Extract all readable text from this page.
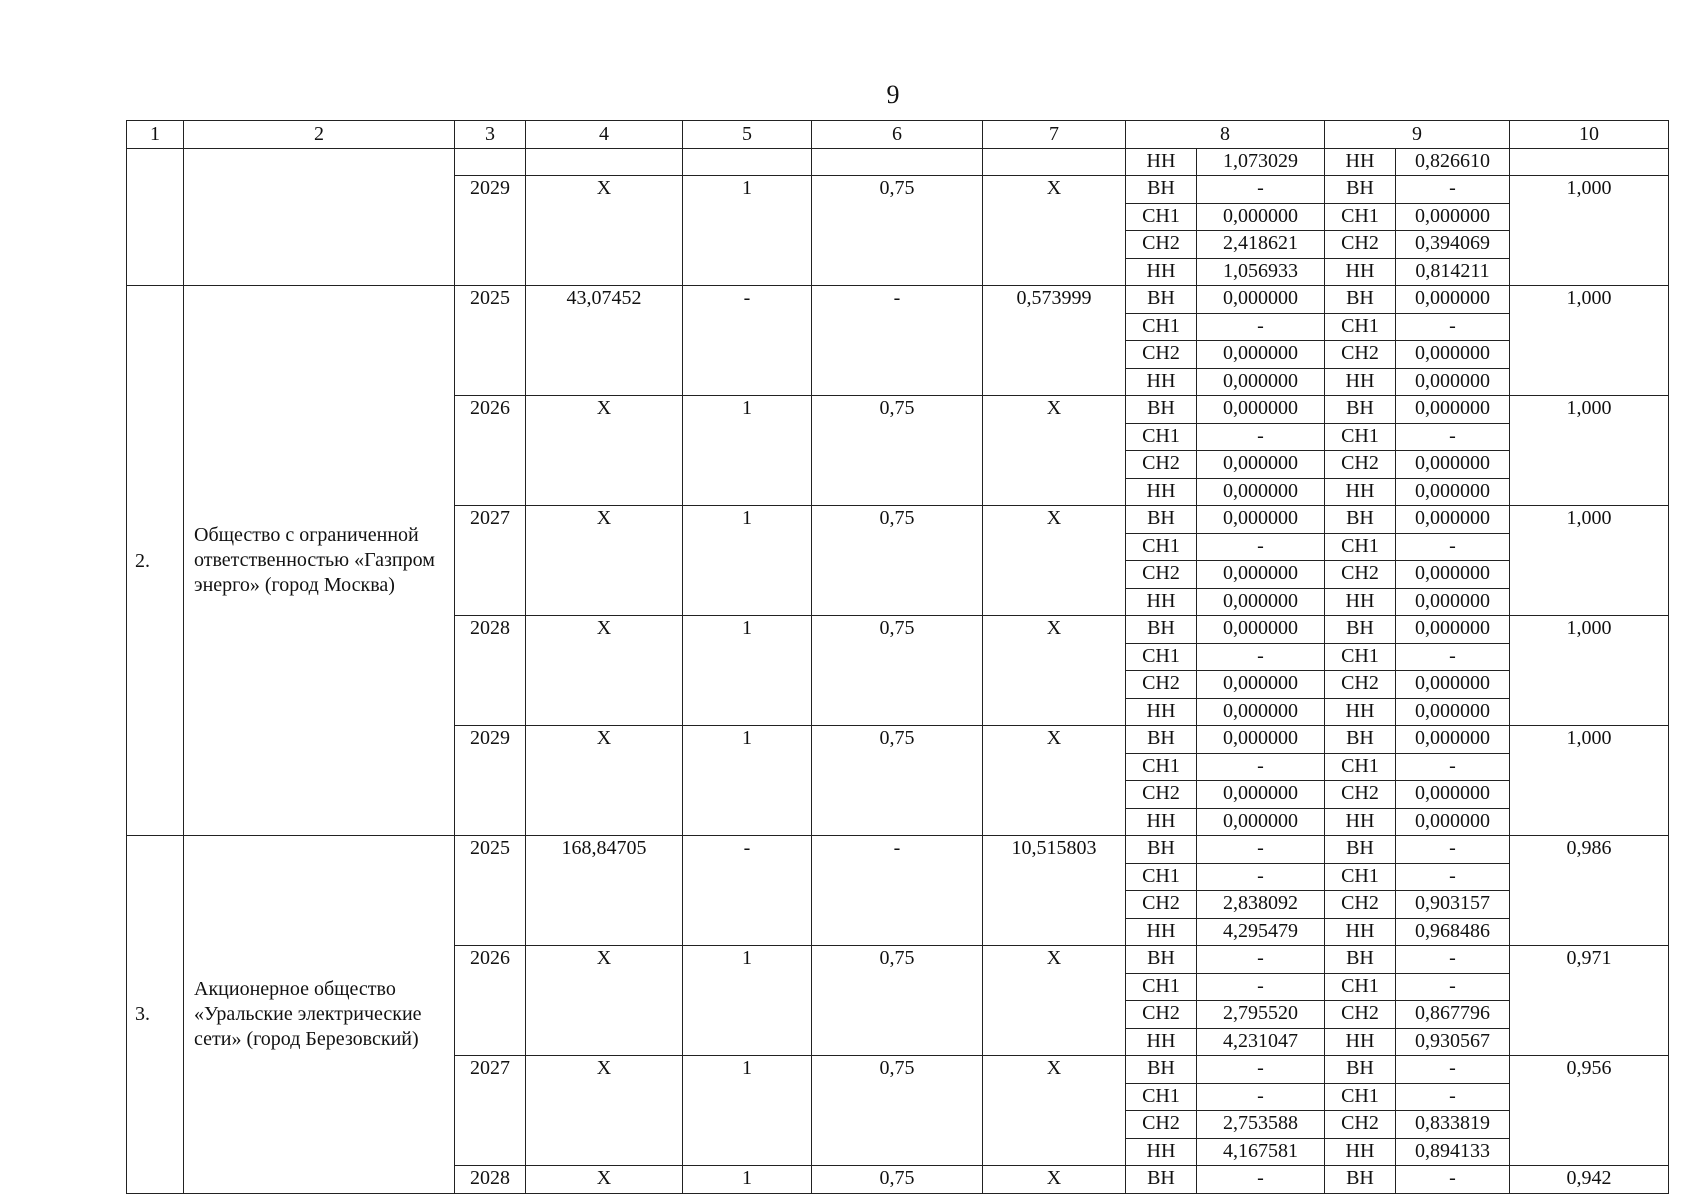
9
1	2	3	4	5	6	7	8		9		10
							НН	1,073029	НН	0,826610	
		2029	Х	1	0,75	Х	ВН	-	ВН	-	1,000
							СН1	0,000000	СН1	0,000000	
							СН2	2,418621	СН2	0,394069	
							НН	1,056933	НН	0,814211	
2.	Общество с ограниченной ответственностью «Газпром энерго» (город Москва)	2025	43,07452	-	-	0,573999	ВН	0,000000	ВН	0,000000	1,000
							СН1	-	СН1	-	
							СН2	0,000000	СН2	0,000000	
							НН	0,000000	НН	0,000000	
		2026	Х	1	0,75	Х	ВН	0,000000	ВН	0,000000	1,000
							СН1	-	СН1	-	
							СН2	0,000000	СН2	0,000000	
							НН	0,000000	НН	0,000000	
		2027	Х	1	0,75	Х	ВН	0,000000	ВН	0,000000	1,000
							СН1	-	СН1	-	
							СН2	0,000000	СН2	0,000000	
							НН	0,000000	НН	0,000000	
		2028	Х	1	0,75	Х	ВН	0,000000	ВН	0,000000	1,000
							СН1	-	СН1	-	
							СН2	0,000000	СН2	0,000000	
							НН	0,000000	НН	0,000000	
		2029	Х	1	0,75	Х	ВН	0,000000	ВН	0,000000	1,000
							СН1	-	СН1	-	
							СН2	0,000000	СН2	0,000000	
							НН	0,000000	НН	0,000000	
3.	Акционерное общество «Уральские электрические сети» (город Березовский)	2025	168,84705	-	-	10,515803	ВН	-	ВН	-	0,986
							СН1	-	СН1	-	
							СН2	2,838092	СН2	0,903157	
							НН	4,295479	НН	0,968486	
		2026	Х	1	0,75	Х	ВН	-	ВН	-	0,971
							СН1	-	СН1	-	
							СН2	2,795520	СН2	0,867796	
							НН	4,231047	НН	0,930567	
		2027	Х	1	0,75	Х	ВН	-	ВН	-	0,956
							СН1	-	СН1	-	
							СН2	2,753588	СН2	0,833819	
							НН	4,167581	НН	0,894133	
		2028	Х	1	0,75	Х	ВН	-	ВН	-	0,942
